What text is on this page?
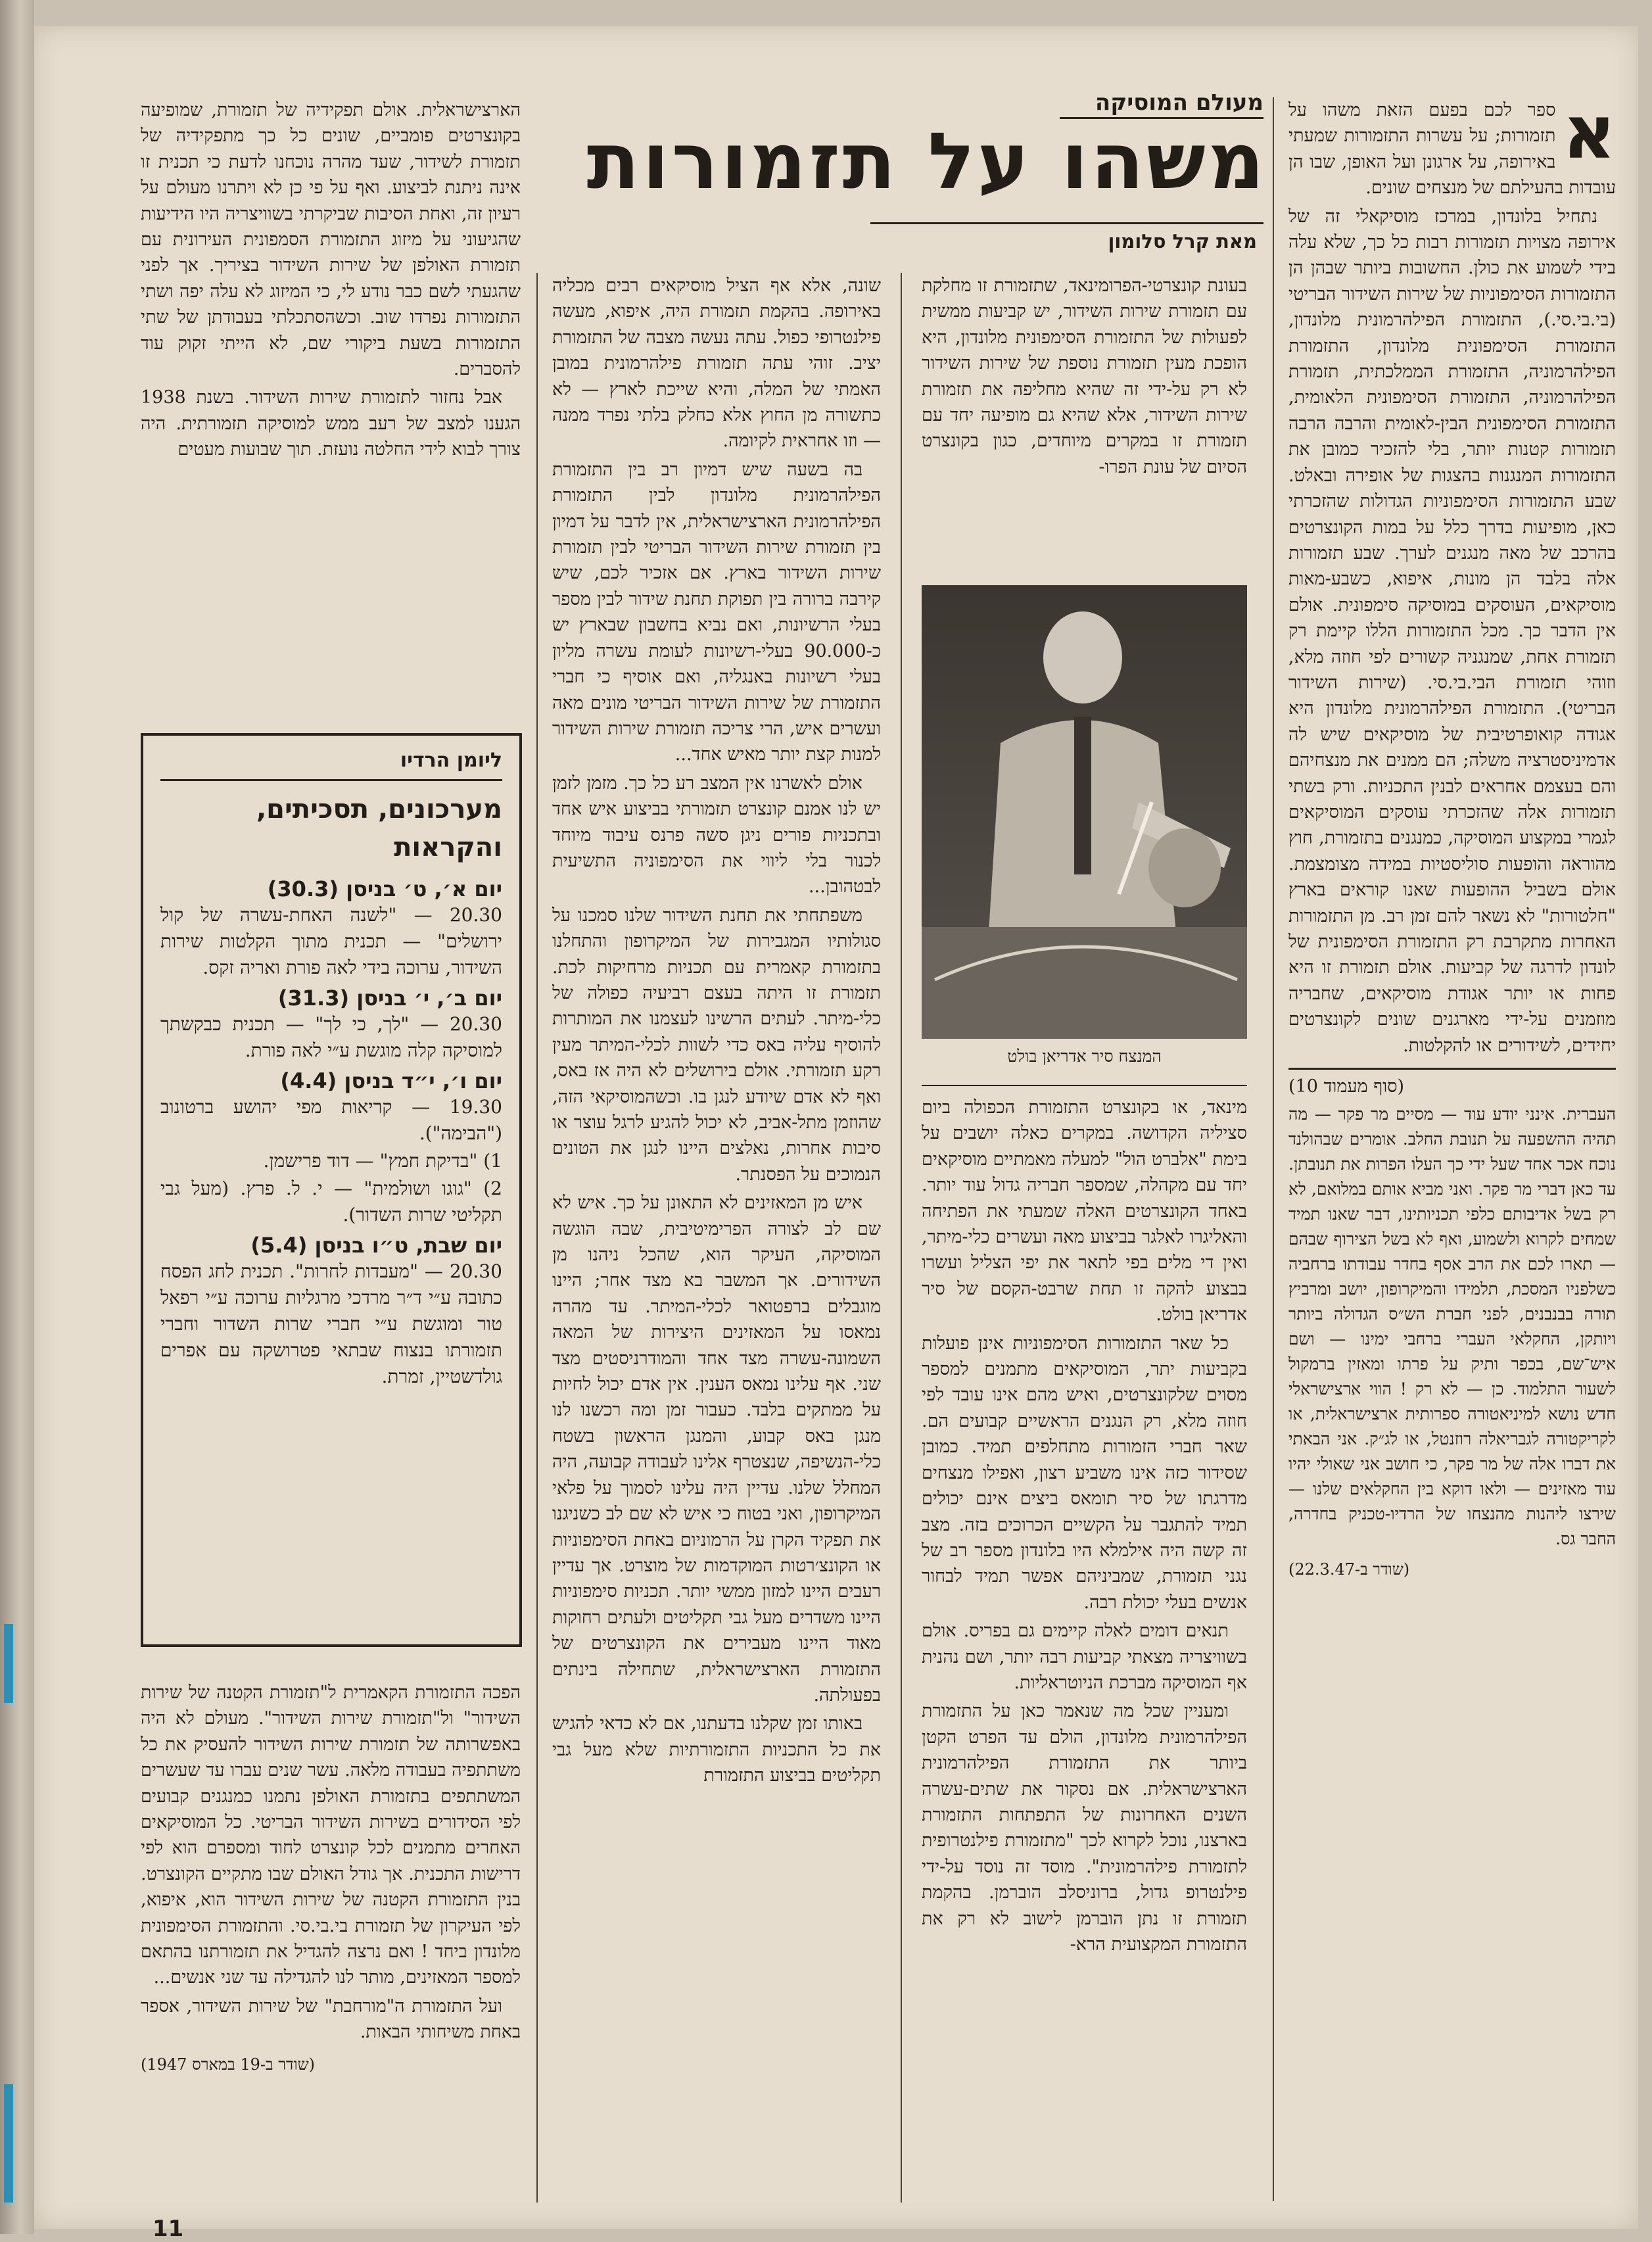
מעולם המוסיקה
משהו על תזמורות
מאת קרל סלומון
א

ספר לכם בפעם הזאת משהו על תזמורות; על עשרות התזמורות שמעתי באירופה, על ארגונן ועל האופן, שבו הן עובדות בהעילתם של מנצחים שונים.

נתחיל בלונדון, במרכז מוסיקאלי זה של אירופה מצויות תזמורות רבות כל כך, שלא עלה בידי לשמוע את כולן. החשובות ביותר שבהן הן התזמורות הסימפוניות של שירות השידור הבריטי (בי.בי.סי.), התזמורת הפילהרמונית מלונדון, התזמורת הסימפונית מלונדון, התזמורת הפילהרמוניה, התזמורת הממלכתית, תזמורת הפילהרמוניה, התזמורת הסימפונית הלאומית, התזמורת הסימפונית הבין-לאומית והרבה הרבה תזמורות קטנות יותר, בלי להזכיר כמובן את התזמורות המנגנות בהצגות של אופירה ובאלט. שבע התזמורות הסימפוניות הגדולות שהזכרתי כאן, מופיעות בדרך כלל על במות הקונצרטים בהרכב של מאה מנגנים לערך. שבע תזמורות אלה בלבד הן מונות, איפוא, כשבע-מאות מוסיקאים, העוסקים במוסיקה סימפונית. אולם אין הדבר כך. מכל התזמורות הללו קיימת רק תזמורת אחת, שמנגניה קשורים לפי חוזה מלא, וזוהי תזמורת הבי.בי.סי. (שירות השידור הבריטי). התזמורת הפילהרמונית מלונדון היא אגודה קואופרטיבית של מוסיקאים שיש לה אדמיניסטרציה משלה; הם ממנים את מנצחיהם והם בעצמם אחראים לבנין התכניות. ורק בשתי תזמורות אלה שהזכרתי עוסקים המוסיקאים לגמרי במקצוע המוסיקה, כמנגנים בתזמורת, חוץ מהוראה והופעות סוליסטיות במידה מצומצמת. אולם בשביל ההופעות שאנו קוראים בארץ "חלטורות" לא נשאר להם זמן רב. מן התזמורות האחרות מתקרבת רק התזמורת הסימפונית של לונדון לדרגה של קביעות. אולם תזמורת זו היא פחות או יותר אגודת מוסיקאים, שחבריה מוזמנים על-ידי מארגנים שונים לקונצרטים יחידים, לשידורים או להקלטות.

(סוף מעמוד 10)

העברית. אינני יודע עוד — מסיים מר פקר — מה תהיה ההשפעה על תנובת החלב. אומרים שבהולנד נוכח אכר אחד שעל ידי כך העלו הפרות את תנובתן. עד כאן דברי מר פקר. ואני מביא אותם במלואם, לא רק בשל אדיבותם כלפי תכניותינו, דבר שאנו תמיד שמחים לקרוא ולשמוע, ואף לא בשל הצירוף שבהם — תארו לכם את הרב אסף בחדר עבודתו ברחביה כשלפניו המסכת, תלמידו והמיקרופון, יושב ומרביץ תורה בבנבנים, לפני חברת הש״ס הגדולה ביותר ויותקן, החקלאי העברי ברחבי ימינו — ושם איש־שם, בכפר ותיק על פרתו ומאזין ברמקול לשעור התלמוד. כן — לא רק ! הווי ארצישראלי חדש נושא למיניאטורה ספרותית ארצישראלית, או לקריקטורה לגבריאלה רוזנטל, או לג״ק. אני הבאתי את דברו אלה של מר פקר, כי חושב אני שאולי יהיו עוד מאזינים — ולאו דוקא בין החקלאים שלנו — שירצו ליהנות מהנצחו של הרדיו-טכניק בחדרה, החבר גס.

(שודר ב-22.3.47)

בעונת קונצרטי-הפרומינאד, שתזמורת זו מחלקת עם תזמורת שירות השידור, יש קביעות ממשית לפעולות של התזמורת הסימפונית מלונדון, היא הופכת מעין תזמורת נוספת של שירות השידור לא רק על-ידי זה שהיא מחליפה את תזמורת שירות השידור, אלא שהיא גם מופיעה יחד עם תזמורת זו במקרים מיוחדים, כגון בקונצרט הסיום של עונת הפרו-

המנצח סיר אדריאן בולט

מינאד, או בקונצרט התזמורת הכפולה ביום סציליה הקדושה. במקרים כאלה יושבים על בימת "אלברט הול" למעלה מאמתיים מוסיקאים יחד עם מקהלה, שמספר חבריה גדול עוד יותר. באחד הקונצרטים האלה שמעתי את הפתיחה והאליגרו לאלגר בביצוע מאה ועשרים כלי-מיתר, ואין די מלים בפי לתאר את יפי הצליל ועשרו בבצוע להקה זו תחת שרבט-הקסם של סיר אדריאן בולט.

כל שאר התזמורות הסימפוניות אינן פועלות בקביעות יתר, המוסיקאים מתמנים למספר מסוים שלקונצרטים, ואיש מהם אינו עובד לפי חוזה מלא, רק הנגנים הראשיים קבועים הם. שאר חברי הזמורות מתחלפים תמיד. כמובן שסידור כזה אינו משביע רצון, ואפילו מנצחים מדרגתו של סיר תומאס ביצים אינם יכולים תמיד להתגבר על הקשיים הכרוכים בזה. מצב זה קשה היה אילמלא היו בלונדון מספר רב של נגני תזמורת, שמביניהם אפשר תמיד לבחור אנשים בעלי יכולת רבה.

תנאים דומים לאלה קיימים גם בפריס. אולם בשוויצריה מצאתי קביעות רבה יותר, ושם נהנית אף המוסיקה מברכת הניוטראליות.

ומעניין שכל מה שנאמר כאן על התזמורת הפילהרמונית מלונדון, הולם עד הפרט הקטן ביותר את התזמורת הפילהרמונית הארצישראלית. אם נסקור את שתים-עשרה השנים האחרונות של התפתחות התזמורת בארצנו, נוכל לקרוא לכך "מתזמורת פילנטרופית לתזמורת פילהרמונית". מוסד זה נוסד על-ידי פילנטרופ גדול, ברוניסלב הוברמן. בהקמת תזמורת זו נתן הוברמן לישוב לא רק את התזמורת המקצועית הרא-

שונה, אלא אף הציל מוסיקאים רבים מכליה באירופה. בהקמת תזמורת היה, איפוא, מעשה פילנטרופי כפול. עתה נעשה מצבה של התזמורת יציב. זוהי עתה תזמורת פילהרמונית במובן האמתי של המלה, והיא שייכת לארץ — לא כתשורה מן החוץ אלא כחלק בלתי נפרד ממנה — וזו אחראית לקיומה.

בה בשעה שיש דמיון רב בין התזמורת הפילהרמונית מלונדון לבין התזמורת הפילהרמונית הארצישראלית, אין לדבר על דמיון בין תזמורת שירות השידור הבריטי לבין תזמורת שירות השידור בארץ. אם אזכיר לכם, שיש קירבה ברורה בין תפוקת תחנת שידור לבין מספר בעלי הרשיונות, ואם נביא בחשבון שבארץ יש כ-90.000 בעלי-רשיונות לעומת עשרה מליון בעלי רשיונות באנגליה, ואם אוסיף כי חברי התזמורת של שירות השידור הבריטי מונים מאה ועשרים איש, הרי צריכה תזמורת שירות השידור למנות קצת יותר מאיש אחד...

אולם לאשרנו אין המצב רע כל כך. מזמן לזמן יש לנו אמנם קונצרט תזמורתי בביצוע איש אחד ובתכניות פורים ניגן סשה פרנס עיבוד מיוחד לכנור בלי ליווי את הסימפוניה התשיעית לבטהובן...

משפתחתי את תחנת השידור שלנו סמכנו על סגולותיו המגבירות של המיקרופון והתחלנו בתזמורת קאמרית עם תכניות מרחיקות לכת. תזמורת זו היתה בעצם רביעיה כפולה של כלי-מיתר. לעתים הרשינו לעצמנו את המותרות להוסיף עליה באס כדי לשוות לכלי-המיתר מעין רקע תזמורתי. אולם בירושלים לא היה אז באס, ואף לא אדם שיודע לנגן בו. וכשהמוסיקאי הזה, שהוזמן מתל-אביב, לא יכול להגיע לרגל עוצר או סיבות אחרות, נאלצים היינו לנגן את הטונים הנמוכים על הפסנתר.

איש מן המאזינים לא התאונן על כך. איש לא שם לב לצורה הפרימיטיבית, שבה הוגשה המוסיקה, העיקר הוא, שהכל ניהנו מן השידורים. אך המשבר בא מצד אחר; היינו מוגבלים ברפטואר לכלי-המיתר. עד מהרה נמאסו על המאזינים היצירות של המאה השמונה-עשרה מצד אחד והמודרניסטים מצד שני. אף עלינו נמאס הענין. אין אדם יכול לחיות על ממתקים בלבד. כעבור זמן ומה רכשנו לנו מנגן באס קבוע, והמנגן הראשון בשטח כלי-הנשיפה, שנצטרף אלינו לעבודה קבועה, היה המחלל שלנו. עדיין היה עלינו לסמוך על פלאי המיקרופון, ואני בטוח כי איש לא שם לב כשניגנו את תפקיד הקרן על הרמוניום באחת הסימפוניות או הקונצ׳רטות המוקדמות של מוצרט. אך עדיין רעבים היינו למזון ממשי יותר. תכניות סימפוניות היינו משדרים מעל גבי תקליטים ולעתים רחוקות מאוד היינו מעבירים את הקונצרטים של התזמורת הארצישראלית, שתחילה בינתים בפעולתה.

באותו זמן שקלנו בדעתנו, אם לא כדאי להגיש את כל התכניות התזמורתיות שלא מעל גבי תקליטים בביצוע התזמורת

הארצישראלית. אולם תפקידיה של תזמורת, שמופיעה בקונצרטים פומביים, שונים כל כך מתפקידיה של תזמורת לשידור, שעד מהרה נוכחנו לדעת כי תכנית זו אינה ניתנת לביצוע. ואף על פי כן לא ויתרנו מעולם על רעיון זה, ואחת הסיבות שביקרתי בשוויצריה היו הידיעות שהגיעוני על מיזוג התזמורת הסמפונית העירונית עם תזמורת האולפן של שירות השידור בציריך. אך לפני שהגעתי לשם כבר נודע לי, כי המיזוג לא עלה יפה ושתי התזמורות נפרדו שוב. וכשהסתכלתי בעבודתן של שתי התזמורות בשעת ביקורי שם, לא הייתי זקוק עוד להסברים.

אבל נחזור לתזמורת שירות השידור. בשנת 1938 הגענו למצב של רעב ממש למוסיקה תזמורתית. היה צורך לבוא לידי החלטה נועזת. תוך שבועות מעטים

ליומן הרדיו
מערכונים, תסכיתים, והקראות
יום א׳, ט׳ בניסן (30.3)

20.30 — "לשנה האחת-עשרה של קול ירושלים" — תכנית מתוך הקלטות שירות השידור, ערוכה בידי לאה פורת ואריה זקס.

יום ב׳, י׳ בניסן (31.3)

20.30 — "לך, כי לך" — תכנית כבקשתך למוסיקה קלה מוגשת ע״י לאה פורת.

יום ו׳, י״ד בניסן (4.4)

19.30 — קריאות מפי יהושע ברטונוב ("הבימה").

1) "בדיקת חמץ" — דוד פרישמן.

2) "גוגו ושולמית" — י. ל. פרץ. (מעל גבי תקליטי שרות השדור).

יום שבת, ט״ו בניסן (5.4)

20.30 — "מעבדות לחרות". תכנית לחג הפסח כתובה ע״י ד״ר מרדכי מרגליות ערוכה ע״י רפאל טור ומוגשת ע״י חברי שרות השדור וחברי תזמורתו בנצוח שבתאי פטרושקה עם אפרים גולדשטיין, זמרת.

הפכה התזמורת הקאמרית ל"תזמורת הקטנה של שירות השידור" ול"תזמורת שירות השידור". מעולם לא היה באפשרותה של תזמורת שירות השידור להעסיק את כל משתתפיה בעבודה מלאה. עשר שנים עברו עד שעשרים המשתתפים בתזמורת האולפן נתמנו כמנגנים קבועים לפי הסידורים בשירות השידור הבריטי. כל המוסיקאים האחרים מתמנים לכל קונצרט לחוד ומספרם הוא לפי דרישות התכנית. אך גודל האולם שבו מתקיים הקונצרט. בנין התזמורת הקטנה של שירות השידור הוא, איפוא, לפי העיקרון של תזמורת בי.בי.סי. והתזמורת הסימפונית מלונדון ביחד ! ואם נרצה להגדיל את תזמורתנו בהתאם למספר המאזינים, מותר לנו להגדילה עד שני אנשים...

ועל התזמורת ה"מורחבת" של שירות השידור, אספר באחת משיחותי הבאות.

(שודר ב-19 במארס 1947)

11
